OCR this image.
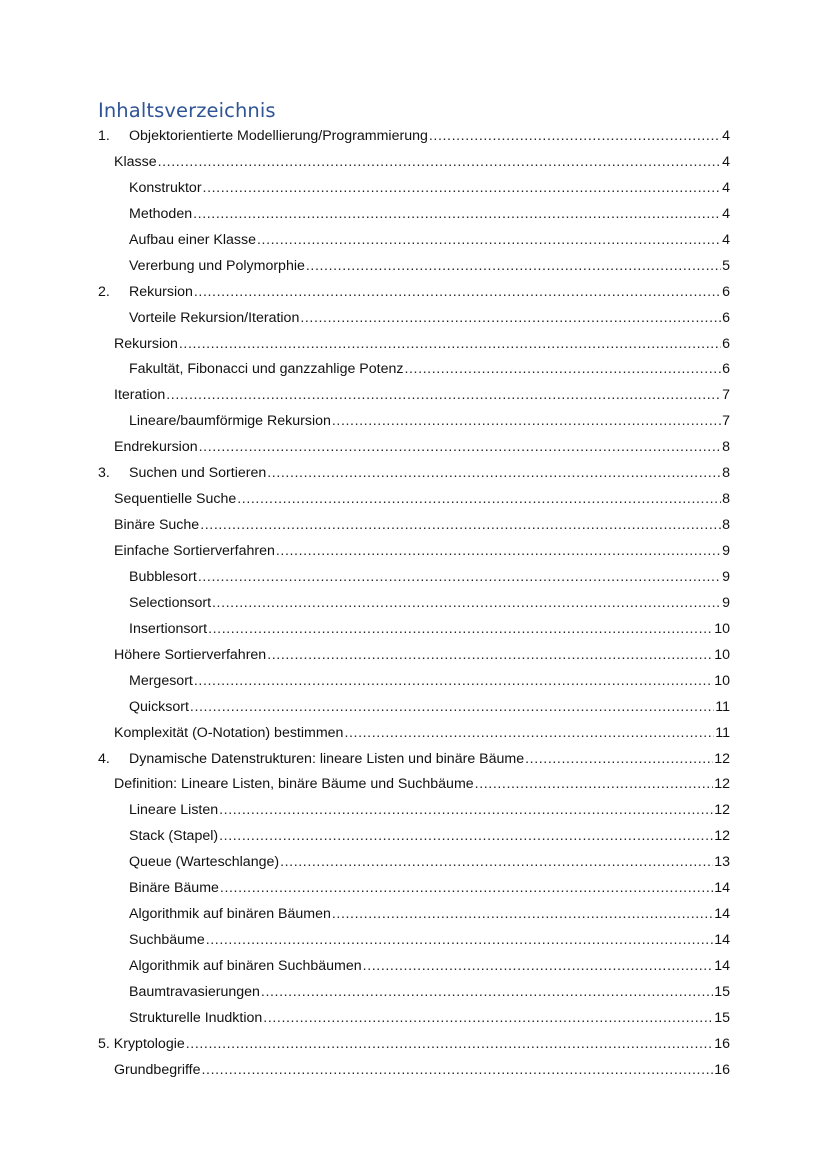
Inhaltsverzeichnis
1.	Objektorientierte Modellierung/Programmierung .....	4
Klasse .....	4
Konstruktor .....	4
Methoden .....	4
Aufbau einer Klasse .....	4
Vererbung und Polymorphie .....	5
2.	Rekursion .....	6
Vorteile Rekursion/Iteration .....	6
Rekursion .....	6
Fakultät, Fibonacci und ganzzahlige Potenz .....	6
Iteration .....	7
Lineare/baumförmige Rekursion .....	7
Endrekursion .....	8
3.	Suchen und Sortieren .....	8
Sequentielle Suche .....	8
Binäre Suche .....	8
Einfache Sortierverfahren .....	9
Bubblesort .....	9
Selectionsort .....	9
Insertionsort .....	10
Höhere Sortierverfahren .....	10
Mergesort .....	10
Quicksort .....	11
Komplexität (O-Notation) bestimmen .....	11
4.	Dynamische Datenstrukturen: lineare Listen und binäre Bäume .....	12
Definition: Lineare Listen, binäre Bäume und Suchbäume .....	12
Lineare Listen .....	12
Stack (Stapel) .....	12
Queue (Warteschlange) .....	13
Binäre Bäume .....	14
Algorithmik auf binären Bäumen .....	14
Suchbäume .....	14
Algorithmik auf binären Suchbäumen .....	14
Baumtravasierungen .....	15
Strukturelle Inudktion .....	15
5. Kryptologie .....	16
Grundbegriffe .....	16
